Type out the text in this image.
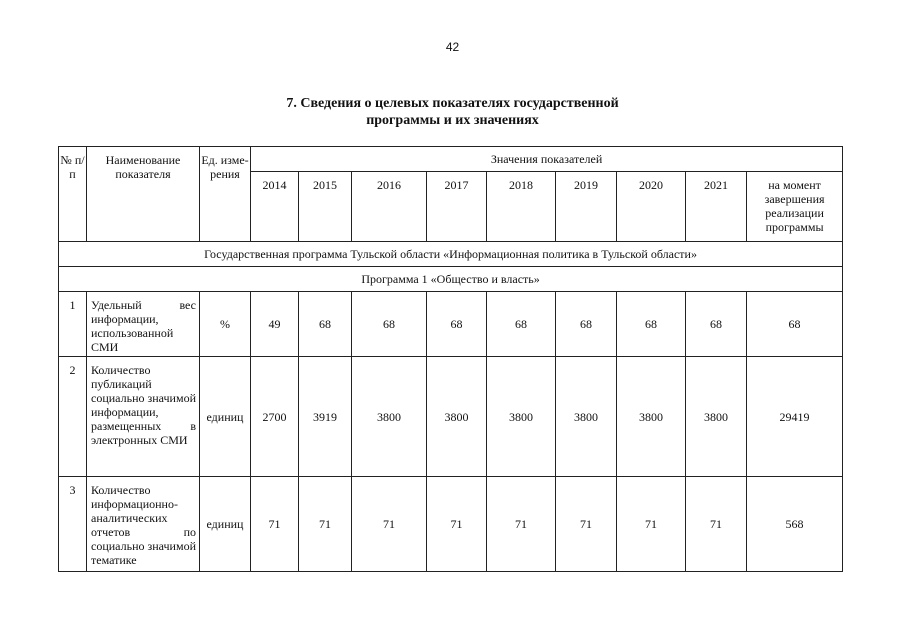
42
7. Сведения о целевых показателях государственной
программы и их значениях
№ п/п	Наименование показателя	Ед. изме-рения	Значения показателей								
			2014	2015	2016	2017	2018	2019	2020	2021	на момент завершения реализации программы
Государственная программа Тульской области «Информационная политика в Тульской области»											
Программа 1 «Общество и власть»											
1	Удельный вес информации, использованной СМИ	%	49	68	68	68	68	68	68	68	68
2	Количество публикаций социально значимой информации, размещенных в электронных СМИ	единиц	2700	3919	3800	3800	3800	3800	3800	3800	29419
3	Количество информационно-аналитических отчетов по социально значимой тематике	единиц	71	71	71	71	71	71	71	71	568
